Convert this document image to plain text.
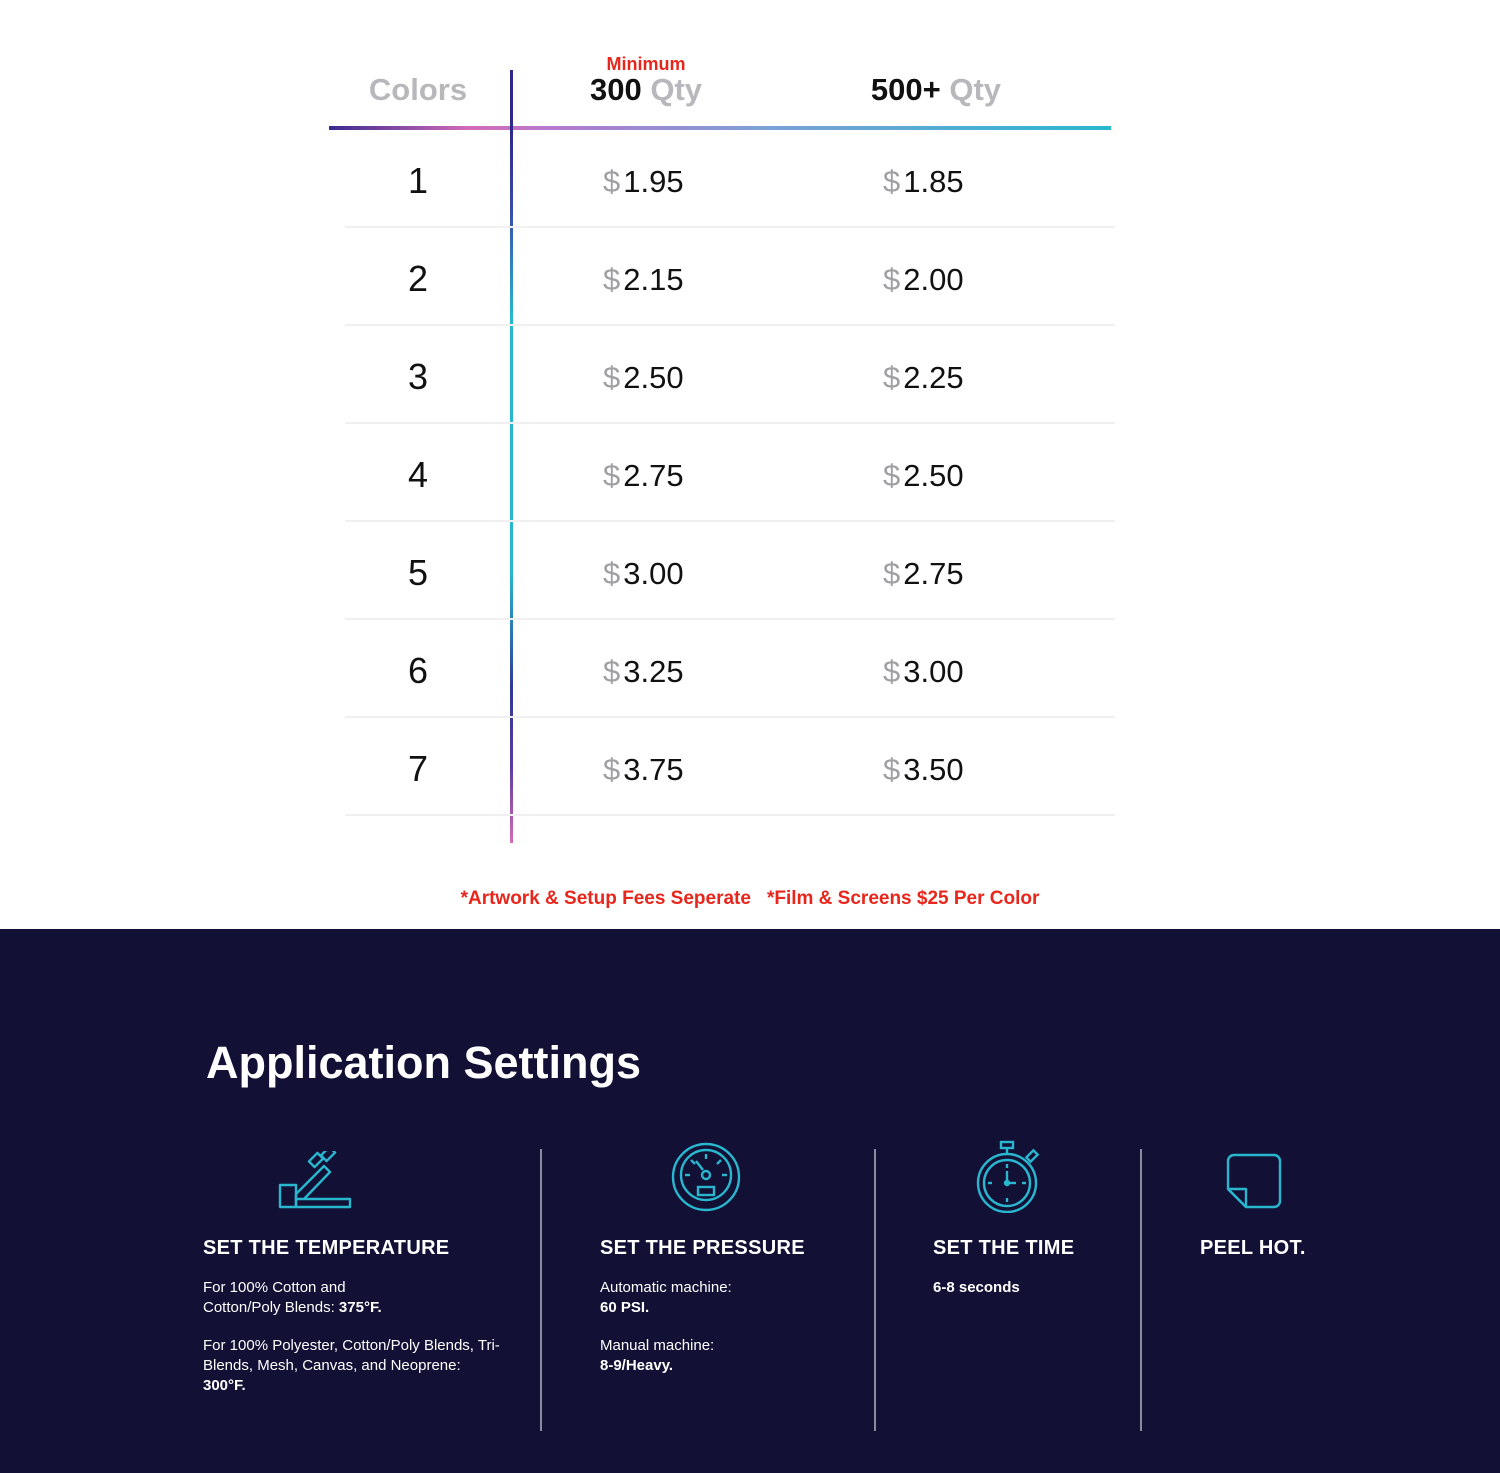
Minimum
Colors	300 Qty	500+ Qty
1	$1.95	$1.85
2	$2.15	$2.00
3	$2.50	$2.25
4	$2.75	$2.50
5	$3.00	$2.75
6	$3.25	$3.00
7	$3.75	$3.50
*Artwork & Setup Fees Seperate *Film & Screens $25 Per Color
Application Settings
SET THE TEMPERATURE
For 100% Cotton and Cotton/Poly Blends: 375°F.
For 100% Polyester, Cotton/Poly Blends, Tri-Blends, Mesh, Canvas, and Neoprene: 300°F.
SET THE PRESSURE
Automatic machine:
60 PSI.
Manual machine:
8-9/Heavy.
SET THE TIME
6-8 seconds
PEEL HOT.
